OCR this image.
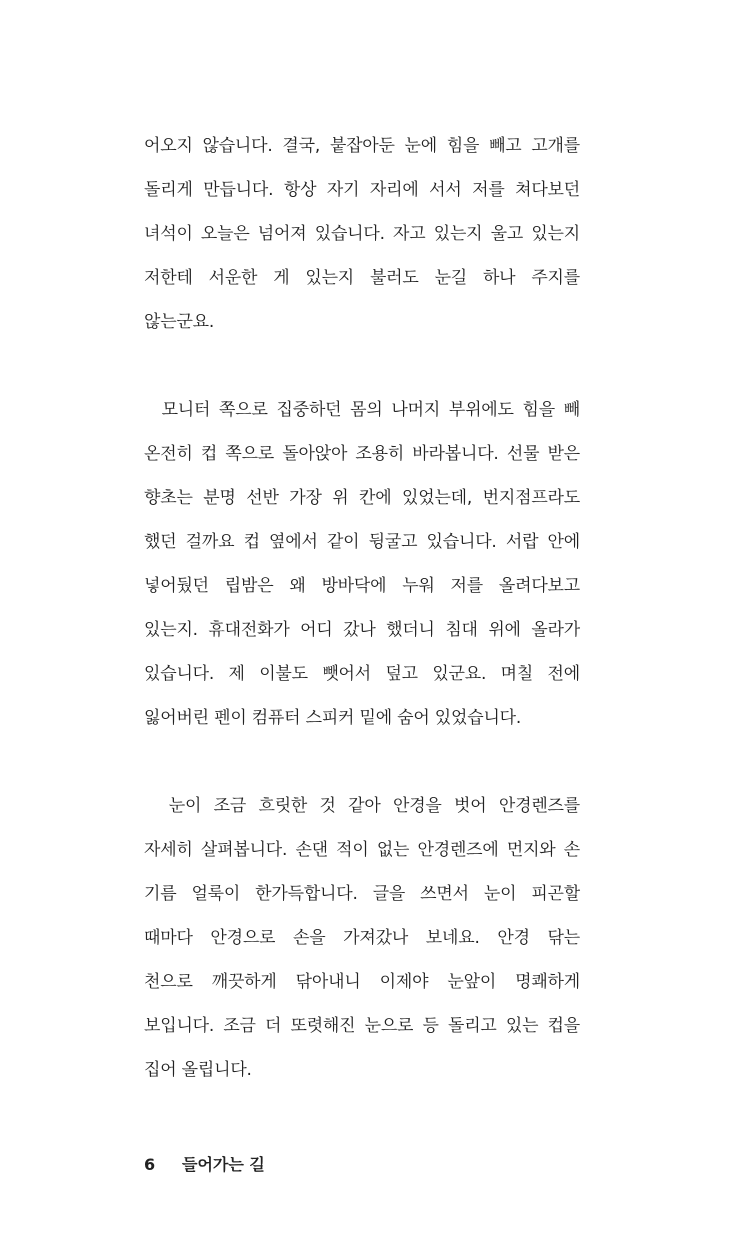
어오지 않습니다. 결국, 붙잡아둔 눈에 힘을 빼고 고개를
돌리게 만듭니다. 항상 자기 자리에 서서 저를 쳐다보던
녀석이 오늘은 넘어져 있습니다. 자고 있는지 울고 있는지
저한테 서운한 게 있는지 불러도 눈길 하나 주지를
않는군요.
모니터 쪽으로 집중하던 몸의 나머지 부위에도 힘을 빼
온전히 컵 쪽으로 돌아앉아 조용히 바라봅니다. 선물 받은
향초는 분명 선반 가장 위 칸에 있었는데, 번지점프라도
했던 걸까요 컵 옆에서 같이 뒹굴고 있습니다. 서랍 안에
넣어뒀던 립밤은 왜 방바닥에 누워 저를 올려다보고
있는지. 휴대전화가 어디 갔나 했더니 침대 위에 올라가
있습니다. 제 이불도 뺏어서 덮고 있군요. 며칠 전에
잃어버린 펜이 컴퓨터 스피커 밑에 숨어 있었습니다.
눈이 조금 흐릿한 것 같아 안경을 벗어 안경렌즈를
자세히 살펴봅니다. 손댄 적이 없는 안경렌즈에 먼지와 손
기름 얼룩이 한가득합니다. 글을 쓰면서 눈이 피곤할
때마다 안경으로 손을 가져갔나 보네요. 안경 닦는
천으로 깨끗하게 닦아내니 이제야 눈앞이 명쾌하게
보입니다. 조금 더 또렷해진 눈으로 등 돌리고 있는 컵을
집어 올립니다.
6 들어가는 길
